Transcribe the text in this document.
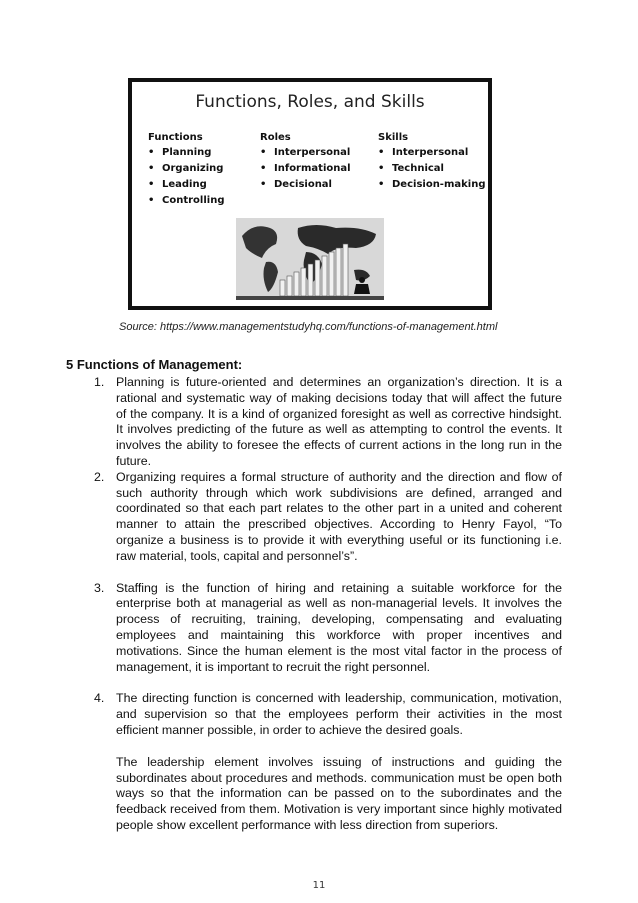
Functions, Roles, and Skills
Functions
• Planning
• Organizing
• Leading
• Controlling
Roles
• Interpersonal
• Informational
• Decisional
Skills
• Interpersonal
• Technical
• Decision-making
Source: https://www.managementstudyhq.com/functions-of-management.html
5 Functions of Management:
1. Planning is future-oriented and determines an organization’s direction. It is a rational and systematic way of making decisions today that will affect the future of the company. It is a kind of organized foresight as well as corrective hindsight. It involves predicting of the future as well as attempting to control the events. It involves the ability to foresee the effects of current actions in the long run in the future.

2. Organizing requires a formal structure of authority and the direction and flow of such authority through which work subdivisions are defined, arranged and coordinated so that each part relates to the other part in a united and coherent manner to attain the prescribed objectives. According to Henry Fayol, “To organize a business is to provide it with everything useful or its functioning i.e. raw material, tools, capital and personnel’s”.

3. Staffing is the function of hiring and retaining a suitable workforce for the enterprise both at managerial as well as non-managerial levels. It involves the process of recruiting, training, developing, compensating and evaluating employees and maintaining this workforce with proper incentives and motivations. Since the human element is the most vital factor in the process of management, it is important to recruit the right personnel.

4. The directing function is concerned with leadership, communication, motivation, and supervision so that the employees perform their activities in the most efficient manner possible, in order to achieve the desired goals.

The leadership element involves issuing of instructions and guiding the subordinates about procedures and methods. communication must be open both ways so that the information can be passed on to the subordinates and the feedback received from them. Motivation is very important since highly motivated people show excellent performance with less direction from superiors.

11
